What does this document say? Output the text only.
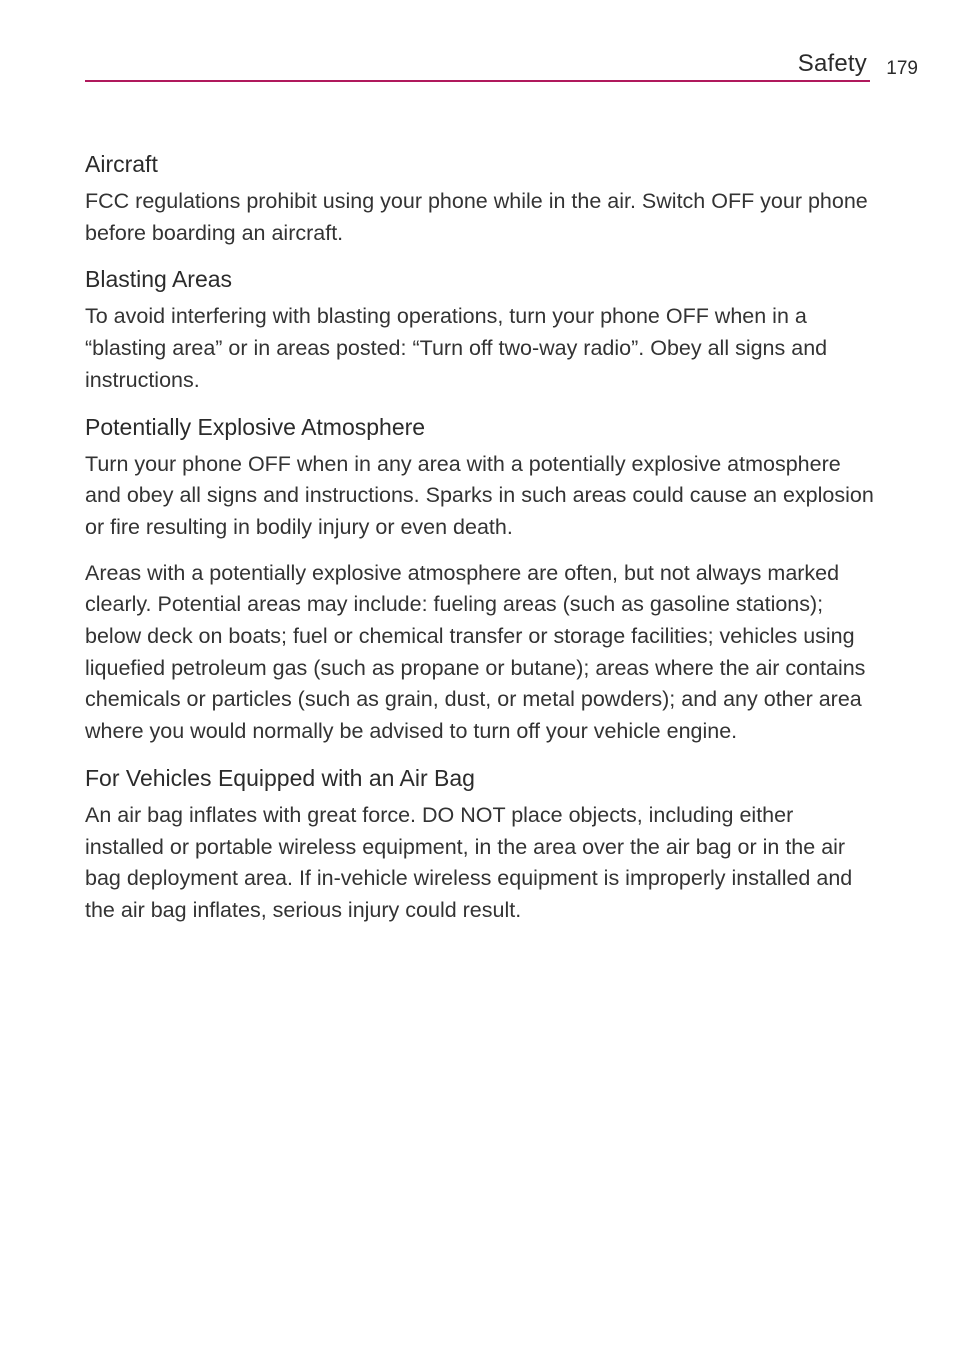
Safety 179
Aircraft

FCC regulations prohibit using your phone while in the air. Switch OFF your phone before boarding an aircraft.

Blasting Areas

To avoid interfering with blasting operations, turn your phone OFF when in a “blasting area” or in areas posted: “Turn off two-way radio”. Obey all signs and instructions.

Potentially Explosive Atmosphere

Turn your phone OFF when in any area with a potentially explosive atmosphere and obey all signs and instructions. Sparks in such areas could cause an explosion or fire resulting in bodily injury or even death.

Areas with a potentially explosive atmosphere are often, but not always marked clearly. Potential areas may include: fueling areas (such as gasoline stations); below deck on boats; fuel or chemical transfer or storage facilities; vehicles using liquefied petroleum gas (such as propane or butane); areas where the air contains chemicals or particles (such as grain, dust, or metal powders); and any other area where you would normally be advised to turn off your vehicle engine.

For Vehicles Equipped with an Air Bag

An air bag inflates with great force. DO NOT place objects, including either installed or portable wireless equipment, in the area over the air bag or in the air bag deployment area. If in-vehicle wireless equipment is improperly installed and the air bag inflates, serious injury could result.
